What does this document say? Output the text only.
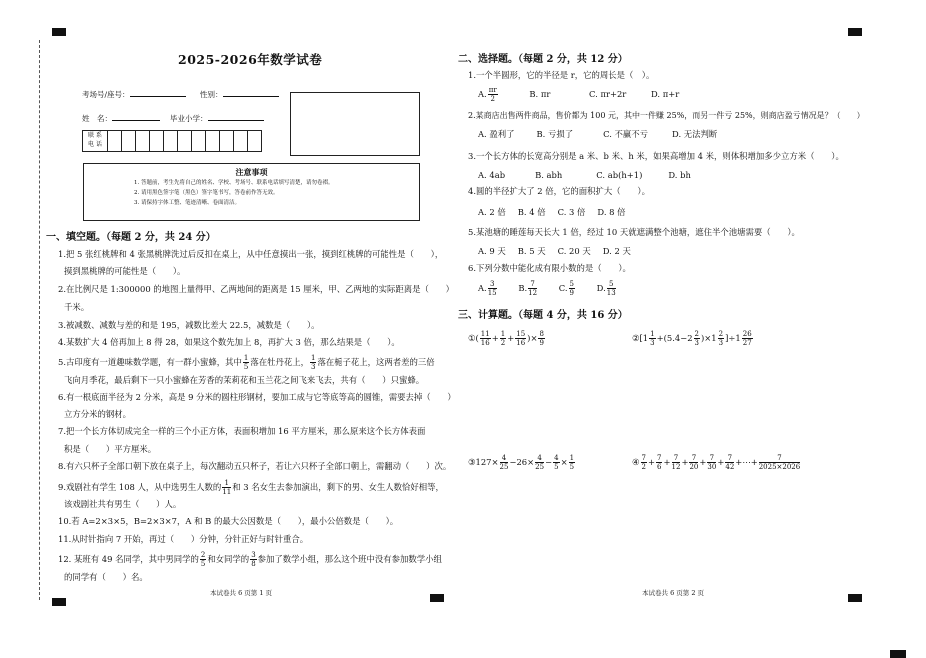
2025-2026年数学试卷
考场号/座号：	性别：
姓　名：	毕业小学：
联 系
电 话
注意事项
1. 答题前，考生先将自己的姓名、学校、考场号、联系电话填写清楚，请勿卷褶。
2. 请用黑色签字笔（黑色）签字笔书写，答卷前作答无效。
3. 请保持字体工整、笔迹清晰、卷面清洁。
一、填空题。（每题 2 分，共 24 分）
1.把 5 张红桃牌和 4 张黑桃牌洗过后反扣在桌上，从中任意摸出一张，摸到红桃牌的可能性是（　　），
摸到黑桃牌的可能性是（　　）。
2.在比例尺是 1:300000 的地图上量得甲、乙两地间的距离是 15 厘米，甲、乙两地的实际距离是（　　）
千米。
3.被减数、减数与差的和是 195，减数比差大 22.5，减数是（　　）。
4.某数扩大 4 倍再加上 8 得 28，如果这个数先加上 8，再扩大 3 倍，那么结果是（　　）。
5.古印度有一道趣味数学题，有一群小蜜蜂，其中 $\frac{1}{5}$ 落在牡丹花上， $\frac{1}{3}$ 落在栀子花上，这两者差的三倍
飞向月季花，最后剩下一只小蜜蜂在芳香的茉莉花和玉兰花之间飞来飞去，共有（　　）只蜜蜂。
6.有一根底面半径为 2 分米，高是 9 分米的圆柱形钢材，要加工成与它等底等高的圆锥，需要去掉（　　）
立方分米的钢材。
7.把一个长方体切成完全一样的三个小正方体，表面积增加 16 平方厘米，那么原来这个长方体表面
积是（　　）平方厘米。
8.有六只杯子全部口朝下放在桌子上，每次翻动五只杯子，若让六只杯子全部口朝上，需翻动（　　）次。
9.戏剧社有学生 108 人，从中选男生人数的 $\frac{1}{11}$ 和 3 名女生去参加演出，剩下的男、女生人数恰好相等，
该戏剧社共有男生（　　）人。
10.若 A=2×3×5，B=2×3×7，A 和 B 的最大公因数是（　　），最小公倍数是（　　）。
11.从时针指向 7 开始，再过（　　）分钟，分针正好与时针重合。
12. 某班有 49 名同学，其中男同学的 $\frac{2}{5}$ 和女同学的 $\frac{3}{8}$ 参加了数学小组，那么这个班中没有参加数学小组
的同学有（　　）名。
本试卷共 6 页第 1 页
二、选择题。（每题 2 分，共 12 分）
1.一个半圆形，它的半径是 r，它的周长是（　）。
A. $\frac{\pi r}{2}$	B. πr	C. πr+2r	D. π+r
2.某商店出售两件商品，售价都为 100 元，其中一件赚 25%，而另一件亏 25%，则商店盈亏情况是？（　　）
A. 盈利了	B. 亏损了	C. 不赢不亏	D. 无法判断
3.一个长方体的长宽高分别是 a 米、b 米、h 米，如果高增加 4 米，则体积增加多少立方米（　　）。
A. 4ab	B. abh	C. ab(h+1)	D. bh
4.圆的半径扩大了 2 倍，它的面积扩大（　　）。
A. 2 倍 B. 4 倍 C. 3 倍 D. 8 倍
5.某池塘的睡莲每天长大 1 倍，经过 10 天就遮满整个池塘，遮住半个池塘需要（　　）。
A. 9 天 B. 5 天 C. 20 天 D. 2 天
6.下列分数中能化成有限小数的是（　　）。
A. $\frac{3}{15}$	B. $\frac{7}{12}$	C. $\frac{5}{9}$	D. $\frac{5}{13}$
三、计算题。（每题 4 分，共 16 分）
①( $\frac{11}{16} + \frac{1}{2} + \frac{15}{16}$ )× $\frac{8}{9}$	②[1 $\frac{1}{3} +(5.4-2 \frac{2}{3} )\times 1 \frac{2}{3} ]\div 1 \frac{26}{27}$
③127× $\frac{4}{25} -26\times \frac{4}{25} - \frac{4}{5} \times \frac{1}{5}$	④ $\frac{7}{2} + \frac{7}{6} + \frac{7}{12} + \frac{7}{20} + \frac{7}{30} + \frac{7}{42}$ +⋯+ $\frac{7}{2025\times 2026}$
本试卷共 6 页第 2 页
